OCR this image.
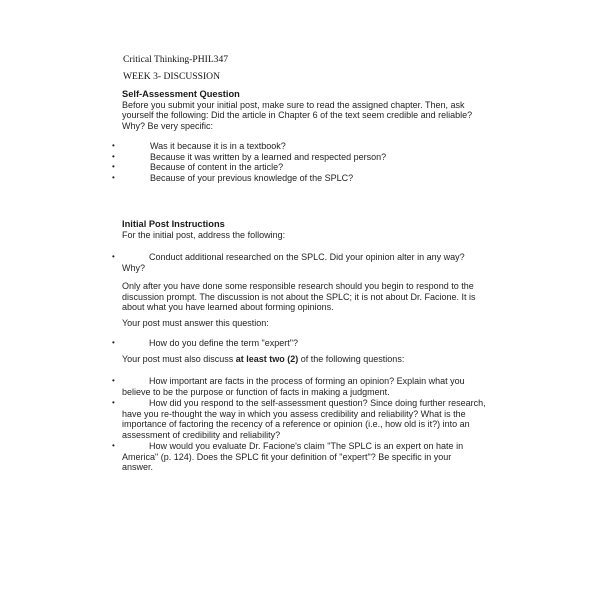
Critical Thinking-PHIL347
WEEK 3- DISCUSSION
Self-Assessment Question

Before you submit your initial post, make sure to read the assigned chapter. Then, ask yourself the following: Did the article in Chapter 6 of the text seem credible and reliable? Why? Be very specific:

•	Was it because it is in a textbook?
•	Because it was written by a learned and respected person?
•	Because of content in the article?
•	Because of your previous knowledge of the SPLC?
Initial Post Instructions

For the initial post, address the following:

•	Conduct additional researched on the SPLC. Did your opinion alter in any way? Why?

Only after you have done some responsible research should you begin to respond to the discussion prompt. The discussion is not about the SPLC; it is not about Dr. Facione. It is about what you have learned about forming opinions.

Your post must answer this question:

•	How do you define the term "expert"?

Your post must also discuss at least two (2) of the following questions:

•	How important are facts in the process of forming an opinion? Explain what you believe to be the purpose or function of facts in making a judgment.

•	How did you respond to the self-assessment question? Since doing further research, have you re-thought the way in which you assess credibility and reliability? What is the importance of factoring the recency of a reference or opinion (i.e., how old is it?) into an assessment of credibility and reliability?

•	How would you evaluate Dr. Facione's claim "The SPLC is an expert on hate in America" (p. 124). Does the SPLC fit your definition of "expert"? Be specific in your answer.
